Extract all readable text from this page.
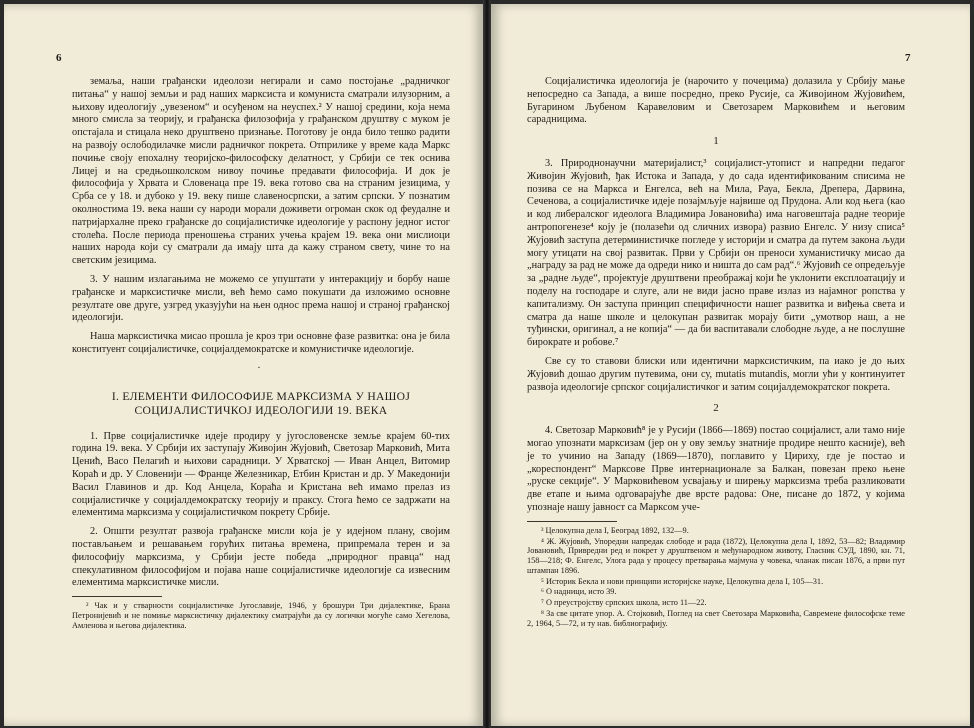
6

земаља, наши грађански идеолози негирали и само постојање „радничког питања“ у нашој земљи и рад наших марксиста и комуниста сматрали илузорним, а њихову идеологију „увезеном“ и осуђеном на неуспех.² У нашој средини, која нема много смисла за теорију, и грађанска филозофија у грађанском друштву с муком је опстајала и стицала неко друштвено признање. Поготову је онда било тешко радити на развоју ослободилачке мисли радничког покрета. Отприлике у време када Маркс почиње своју епохалну теоријско-философску делатност, у Србији се тек оснива Лицеј и на средњошколском нивоу почиње предавати философија. И док је философија у Хрвата и Словенаца пре 19. века готово сва на страним језицима, у Срба се у 18. и дубоко у 19. веку пише славеносрпски, а затим српски. У познатим околностима 19. века наши су народи морали доживети огроман скок од феудалне и патријархалне преко грађанске до социјалистичке идеологије у распону једног истог столећа. После периода преношења страних учења крајем 19. века они мислиоци наших народа који су сматрали да имају шта да кажу страном свету, чине то на светским језицима.

3. У нашим излагањима не можемо се упуштати у интеракцију и борбу наше грађанске и марксистичке мисли, већ ћемо само покушати да изложимо основне резултате ове друге, узгред указујући на њен однос према нашој и страној грађанској идеологији.

Наша марксистичка мисао прошла је кроз три основне фазе развитка: она је била конституент социјалистичке, социјалдемократске и комунистичке идеологије.

·

I. ЕЛЕМЕНТИ ФИЛОСОФИЈЕ МАРКСИЗМА У НАШОЈ СОЦИЈАЛИСТИЧКОЈ ИДЕОЛОГИЈИ 19. ВЕКА

1. Прве социјалистичке идеје продиру у југословенске земље крајем 60-тих година 19. века. У Србији их заступају Живојин Жујовић, Светозар Марковић, Мита Ценић, Васо Пелагић и њихови сарадници. У Хрватској — Иван Анцел, Витомир Кораћ и др. У Словенији — Франце Железникар, Етбин Кристан и др. У Македонији Васил Главинов и др. Код Анцела, Кораћа и Кристана већ имамо прелаз из социјалистичке у социјалдемократску теорију и праксу. Стога ћемо се задржати на елементима марксизма у социјалистичком покрету Србије.

2. Општи резултат развоја грађанске мисли која је у идејном плану, својим постављањем и решавањем горућих питања времена, припремала терен и за философију марксизма, у Србији јесте победа „природног правца“ над спекулативном философијом и појава наше социјалистичке идеологије са извесним елементима марксистичке мисли.

² Чак и у стварности социјалистичке Југославије, 1946, у брошури Три дијалектике, Брана Петронијевић и не помиње марксистичку дијалектику сматрајући да су логички могуће само Хегелова, Амленова и његова дијалектика.

7

Социјалистичка идеологија је (нарочито у почецима) долазила у Србију мање непосредно са Запада, а више посредно, преко Русије, са Живојином Жујовићем, Бугарином Љубеном Каравеловим и Светозарем Марковићем и његовим сарадницима.

1

3. Природнонаучни материјалист,³ социјалист-утопист и напредни педагог Живојин Жујовић, ђак Истока и Запада, у до сада идентификованим списима не позива се на Маркса и Енгелса, већ на Мила, Рауа, Бекла, Дрепера, Дарвина, Сеченова, а социјалистичке идеје позајмљује највише од Прудона. Али код њега (као и код либералског идеолога Владимира Јовановића) има наговештаја радне теорије антропогенезе⁴ коју је (полазећи од сличних извора) развио Енгелс. У низу списа⁵ Жујовић заступа детерминистичке погледе у историји и сматра да путем закона људи могу утицати на свој развитак. Први у Србији он преноси хуманистичку мисао да „награду за рад не може да одреди нико и ништа до сам рад“.⁶ Жујовић се опредељује за „радне људе“, пројектује друштвени преображај који ће уклонити експлоатацију и поделу на господаре и слуге, али не види јасно праве излаз из најамног ропства у капитализму. Он заступа принцип специфичности нашег развитка и виђења света и сматра да наше школе и целокупан развитак морају бити „умотвор наш, а не туђински, оригинал, а не копија“ — да би васпитавали слободне људе, а не послушне бирократе и робове.⁷

Све су то ставови блиски или идентични марксистичким, па иако је до њих Жујовић дошао другим путевима, они су, mutatis mutandis, могли ући у континуитет развоја идеологије српског социјалистичког и затим социјалдемократског покрета.

2

4. Светозар Марковић⁸ је у Русији (1866—1869) постао социјалист, али тамо није могао упознати марксизам (јер он у ову земљу знатније продире нешто касније), већ је то учинио на Западу (1869—1870), поглавито у Цириху, где је постао и „кореспондент“ Марксове Прве интернационале за Балкан, повезан преко њене „руске секције“. У Марковићевом усвајању и ширењу марксизма треба разликовати две етапе и њима одговарајуће две врсте радова: Оне, писане до 1872, у којима упознаје нашу јавност са Марксом уче-

³ Целокупна дела I, Београд 1892, 132—9.

⁴ Ж. Жујовић, Упоредни напредак слободе и рада (1872), Целокупна дела I, 1892, 53—82; Владимир Јовановић, Привредни ред и покрет у друштвеном и међународном животу, Гласник СУД, 1890, кн. 71, 158—218; Ф. Енгелс, Улога рада у процесу претварања мајмуна у човека, чланак писан 1876, а први пут штампан 1896.

⁵ Историк Бекла и нови принципи историјске науке, Целокупна дела I, 105—31.

⁶ О надници, исто 39.

⁷ О преустројству српских школа, исто 11—22.

⁸ За све цитате упор. А. Стојковић, Поглед на свет Светозара Марковића, Савремене философске теме 2, 1964, 5—72, и ту нав. библиографију.
